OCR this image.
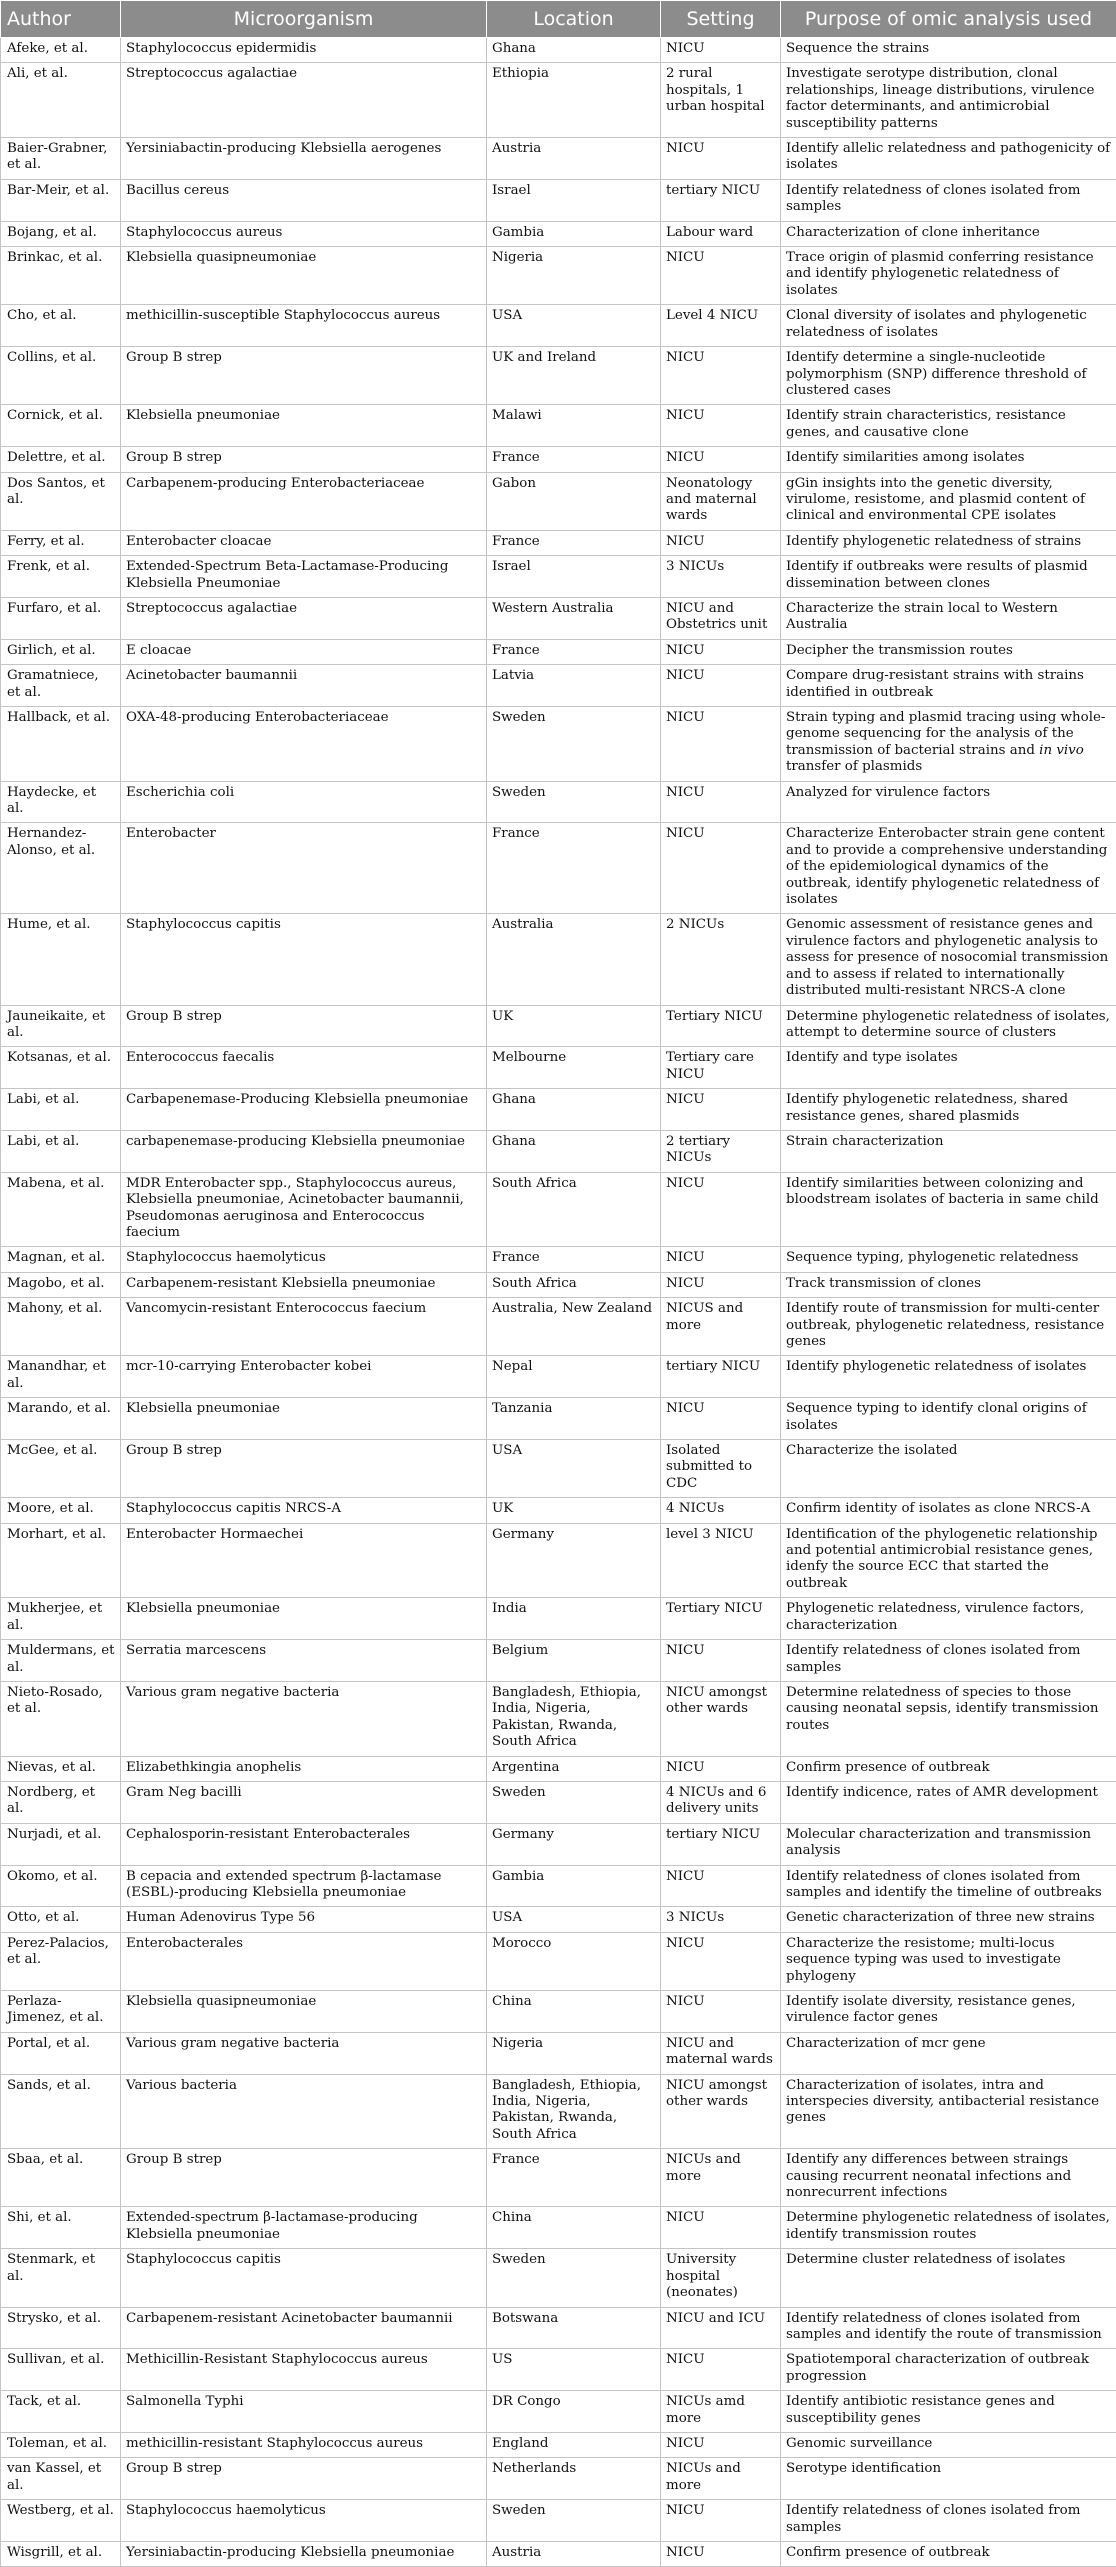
Author	Microorganism	Location	Setting	Purpose of omic analysis used
Afeke, et al.	Staphylococcus epidermidis	Ghana	NICU	Sequence the strains
Ali, et al.	Streptococcus agalactiae	Ethiopia	2 rural hospitals, 1 urban hospital	Investigate serotype distribution, clonal relationships, lineage distributions, virulence factor determinants, and antimicrobial susceptibility patterns
Baier-Grabner, et al.	Yersiniabactin-producing Klebsiella aerogenes	Austria	NICU	Identify allelic relatedness and pathogenicity of isolates
Bar-Meir, et al.	Bacillus cereus	Israel	tertiary NICU	Identify relatedness of clones isolated from samples
Bojang, et al.	Staphylococcus aureus	Gambia	Labour ward	Characterization of clone inheritance
Brinkac, et al.	Klebsiella quasipneumoniae	Nigeria	NICU	Trace origin of plasmid conferring resistance and identify phylogenetic relatedness of isolates
Cho, et al.	methicillin-susceptible Staphylococcus aureus	USA	Level 4 NICU	Clonal diversity of isolates and phylogenetic relatedness of isolates
Collins, et al.	Group B strep	UK and Ireland	NICU	Identify determine a single-nucleotide polymorphism (SNP) difference threshold of clustered cases
Cornick, et al.	Klebsiella pneumoniae	Malawi	NICU	Identify strain characteristics, resistance genes, and causative clone
Delettre, et al.	Group B strep	France	NICU	Identify similarities among isolates
Dos Santos, et al.	Carbapenem-producing Enterobacteriaceae	Gabon	Neonatology and maternal wards	gGin insights into the genetic diversity, virulome, resistome, and plasmid content of clinical and environmental CPE isolates
Ferry, et al.	Enterobacter cloacae	France	NICU	Identify phylogenetic relatedness of strains
Frenk, et al.	Extended-Spectrum Beta-Lactamase-Producing Klebsiella Pneumoniae	Israel	3 NICUs	Identify if outbreaks were results of plasmid dissemination between clones
Furfaro, et al.	Streptococcus agalactiae	Western Australia	NICU and Obstetrics unit	Characterize the strain local to Western Australia
Girlich, et al.	E cloacae	France	NICU	Decipher the transmission routes
Gramatniece, et al.	Acinetobacter baumannii	Latvia	NICU	Compare drug-resistant strains with strains identified in outbreak
Hallback, et al.	OXA-48-producing Enterobacteriaceae	Sweden	NICU	Strain typing and plasmid tracing using whole-genome sequencing for the analysis of the transmission of bacterial strains and in vivo transfer of plasmids
Haydecke, et al.	Escherichia coli	Sweden	NICU	Analyzed for virulence factors
Hernandez-Alonso, et al.	Enterobacter	France	NICU	Characterize Enterobacter strain gene content and to provide a comprehensive understanding of the epidemiological dynamics of the outbreak, identify phylogenetic relatedness of isolates
Hume, et al.	Staphylococcus capitis	Australia	2 NICUs	Genomic assessment of resistance genes and virulence factors and phylogenetic analysis to assess for presence of nosocomial transmission and to assess if related to internationally distributed multi-resistant NRCS-A clone
Jauneikaite, et al.	Group B strep	UK	Tertiary NICU	Determine phylogenetic relatedness of isolates, attempt to determine source of clusters
Kotsanas, et al.	Enterococcus faecalis	Melbourne	Tertiary care NICU	Identify and type isolates
Labi, et al.	Carbapenemase-Producing Klebsiella pneumoniae	Ghana	NICU	Identify phylogenetic relatedness, shared resistance genes, shared plasmids
Labi, et al.	carbapenemase-producing Klebsiella pneumoniae	Ghana	2 tertiary NICUs	Strain characterization
Mabena, et al.	MDR Enterobacter spp., Staphylococcus aureus, Klebsiella pneumoniae, Acinetobacter baumannii, Pseudomonas aeruginosa and Enterococcus faecium	South Africa	NICU	Identify similarities between colonizing and bloodstream isolates of bacteria in same child
Magnan, et al.	Staphylococcus haemolyticus	France	NICU	Sequence typing, phylogenetic relatedness
Magobo, et al.	Carbapenem-resistant Klebsiella pneumoniae	South Africa	NICU	Track transmission of clones
Mahony, et al.	Vancomycin-resistant Enterococcus faecium	Australia, New Zealand	NICUS and more	Identify route of transmission for multi-center outbreak, phylogenetic relatedness, resistance genes
Manandhar, et al.	mcr-10-carrying Enterobacter kobei	Nepal	tertiary NICU	Identify phylogenetic relatedness of isolates
Marando, et al.	Klebsiella pneumoniae	Tanzania	NICU	Sequence typing to identify clonal origins of isolates
McGee, et al.	Group B strep	USA	Isolated submitted to CDC	Characterize the isolated
Moore, et al.	Staphylococcus capitis NRCS-A	UK	4 NICUs	Confirm identity of isolates as clone NRCS-A
Morhart, et al.	Enterobacter Hormaechei	Germany	level 3 NICU	Identification of the phylogenetic relationship and potential antimicrobial resistance genes, idenfy the source ECC that started the outbreak
Mukherjee, et al.	Klebsiella pneumoniae	India	Tertiary NICU	Phylogenetic relatedness, virulence factors, characterization
Muldermans, et al.	Serratia marcescens	Belgium	NICU	Identify relatedness of clones isolated from samples
Nieto-Rosado, et al.	Various gram negative bacteria	Bangladesh, Ethiopia, India, Nigeria, Pakistan, Rwanda, South Africa	NICU amongst other wards	Determine relatedness of species to those causing neonatal sepsis, identify transmission routes
Nievas, et al.	Elizabethkingia anophelis	Argentina	NICU	Confirm presence of outbreak
Nordberg, et al.	Gram Neg bacilli	Sweden	4 NICUs and 6 delivery units	Identify indicence, rates of AMR development
Nurjadi, et al.	Cephalosporin-resistant Enterobacterales	Germany	tertiary NICU	Molecular characterization and transmission analysis
Okomo, et al.	B cepacia and extended spectrum β-lactamase (ESBL)-producing Klebsiella pneumoniae	Gambia	NICU	Identify relatedness of clones isolated from samples and identify the timeline of outbreaks
Otto, et al.	Human Adenovirus Type 56	USA	3 NICUs	Genetic characterization of three new strains
Perez-Palacios, et al.	Enterobacterales	Morocco	NICU	Characterize the resistome; multi-locus sequence typing was used to investigate phylogeny
Perlaza-Jimenez, et al.	Klebsiella quasipneumoniae	China	NICU	Identify isolate diversity, resistance genes, virulence factor genes
Portal, et al.	Various gram negative bacteria	Nigeria	NICU and maternal wards	Characterization of mcr gene
Sands, et al.	Various bacteria	Bangladesh, Ethiopia, India, Nigeria, Pakistan, Rwanda, South Africa	NICU amongst other wards	Characterization of isolates, intra and interspecies diversity, antibacterial resistance genes
Sbaa, et al.	Group B strep	France	NICUs and more	Identify any differences between straings causing recurrent neonatal infections and nonrecurrent infections
Shi, et al.	Extended-spectrum β-lactamase-producing Klebsiella pneumoniae	China	NICU	Determine phylogenetic relatedness of isolates, identify transmission routes
Stenmark, et al.	Staphylococcus capitis	Sweden	University hospital (neonates)	Determine cluster relatedness of isolates
Strysko, et al.	Carbapenem-resistant Acinetobacter baumannii	Botswana	NICU and ICU	Identify relatedness of clones isolated from samples and identify the route of transmission
Sullivan, et al.	Methicillin-Resistant Staphylococcus aureus	US	NICU	Spatiotemporal characterization of outbreak progression
Tack, et al.	Salmonella Typhi	DR Congo	NICUs amd more	Identify antibiotic resistance genes and susceptibility genes
Toleman, et al.	methicillin-resistant Staphylococcus aureus	England	NICU	Genomic surveillance
van Kassel, et al.	Group B strep	Netherlands	NICUs and more	Serotype identification
Westberg, et al.	Staphylococcus haemolyticus	Sweden	NICU	Identify relatedness of clones isolated from samples
Wisgrill, et al.	Yersiniabactin-producing Klebsiella pneumoniae	Austria	NICU	Confirm presence of outbreak
